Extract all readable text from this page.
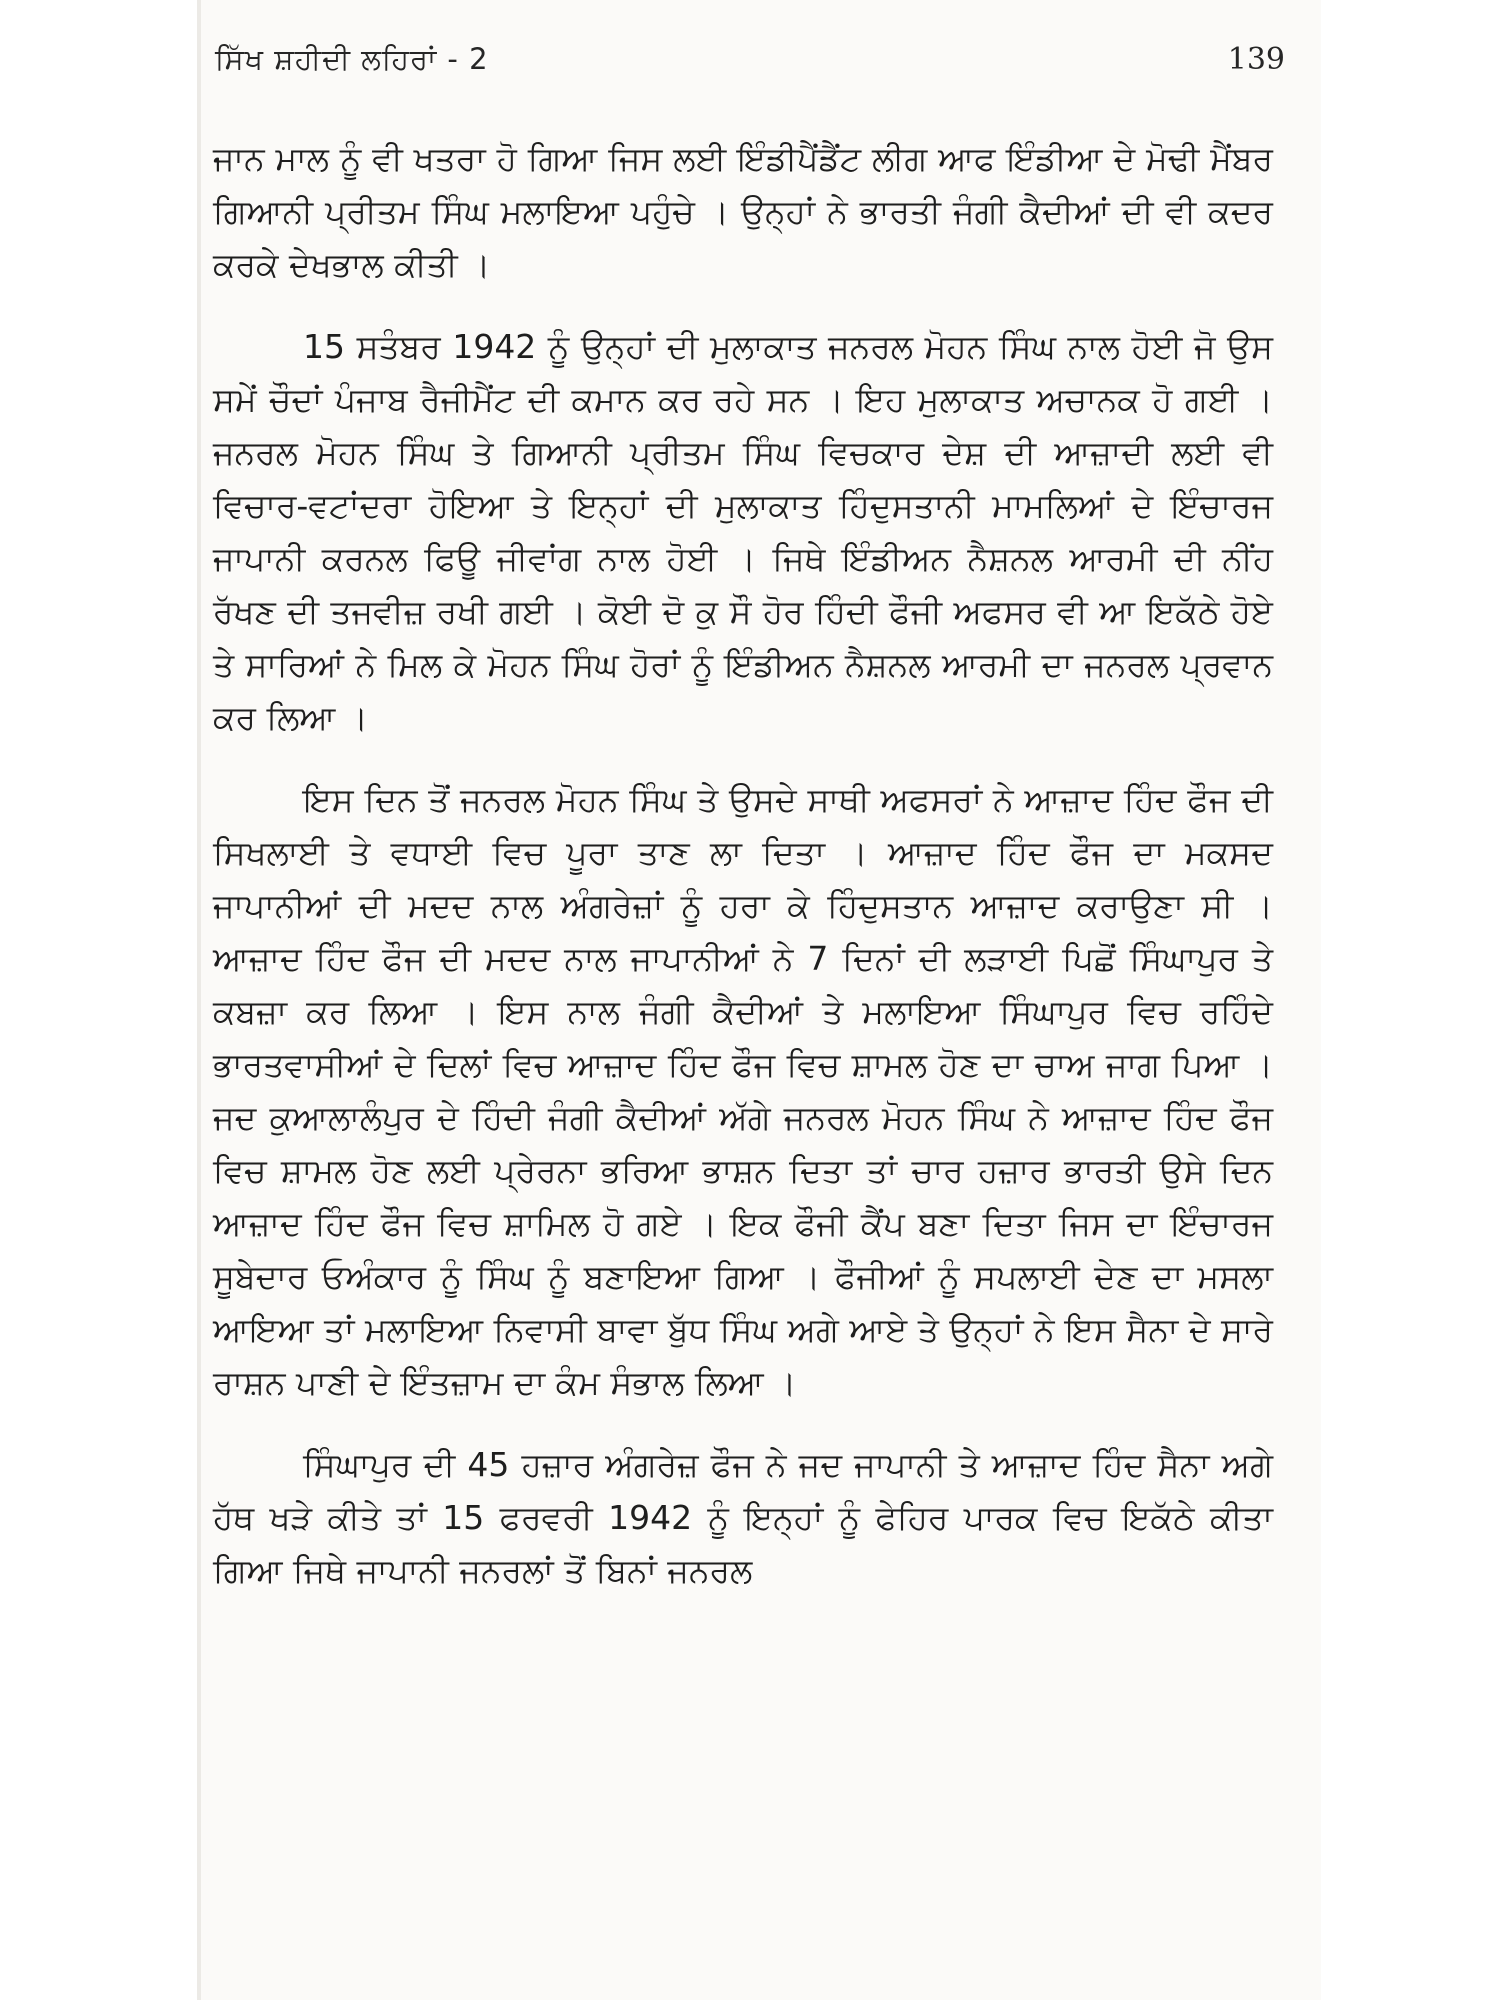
ਸਿੱਖ ਸ਼ਹੀਦੀ ਲਹਿਰਾਂ - 2	139

ਜਾਨ ਮਾਲ ਨੂੰ ਵੀ ਖਤਰਾ ਹੋ ਗਿਆ ਜਿਸ ਲਈ ਇੰਡੀਪੈਂਡੈਂਟ ਲੀਗ ਆਫ ਇੰਡੀਆ ਦੇ ਮੋਢੀ ਮੈਂਬਰ ਗਿਆਨੀ ਪ੍ਰੀਤਮ ਸਿੰਘ ਮਲਾਇਆ ਪਹੁੰਚੇ । ਉਨ੍ਹਾਂ ਨੇ ਭਾਰਤੀ ਜੰਗੀ ਕੈਦੀਆਂ ਦੀ ਵੀ ਕਦਰ ਕਰਕੇ ਦੇਖਭਾਲ ਕੀਤੀ ।

15 ਸਤੰਬਰ 1942 ਨੂੰ ਉਨ੍ਹਾਂ ਦੀ ਮੁਲਾਕਾਤ ਜਨਰਲ ਮੋਹਨ ਸਿੰਘ ਨਾਲ ਹੋਈ ਜੋ ਉਸ ਸਮੇਂ ਚੌਦਾਂ ਪੰਜਾਬ ਰੈਜੀਮੈਂਟ ਦੀ ਕਮਾਨ ਕਰ ਰਹੇ ਸਨ । ਇਹ ਮੁਲਾਕਾਤ ਅਚਾਨਕ ਹੋ ਗਈ । ਜਨਰਲ ਮੋਹਨ ਸਿੰਘ ਤੇ ਗਿਆਨੀ ਪ੍ਰੀਤਮ ਸਿੰਘ ਵਿਚਕਾਰ ਦੇਸ਼ ਦੀ ਆਜ਼ਾਦੀ ਲਈ ਵੀ ਵਿਚਾਰ-ਵਟਾਂਦਰਾ ਹੋਇਆ ਤੇ ਇਨ੍ਹਾਂ ਦੀ ਮੁਲਾਕਾਤ ਹਿੰਦੁਸਤਾਨੀ ਮਾਮਲਿਆਂ ਦੇ ਇੰਚਾਰਜ ਜਾਪਾਨੀ ਕਰਨਲ ਫਿਊ ਜੀਵਾਂਗ ਨਾਲ ਹੋਈ । ਜਿਥੇ ਇੰਡੀਅਨ ਨੈਸ਼ਨਲ ਆਰਮੀ ਦੀ ਨੀਂਹ ਰੱਖਣ ਦੀ ਤਜਵੀਜ਼ ਰਖੀ ਗਈ । ਕੋਈ ਦੋ ਕੁ ਸੌ ਹੋਰ ਹਿੰਦੀ ਫੌਜੀ ਅਫਸਰ ਵੀ ਆ ਇਕੱਠੇ ਹੋਏ ਤੇ ਸਾਰਿਆਂ ਨੇ ਮਿਲ ਕੇ ਮੋਹਨ ਸਿੰਘ ਹੋਰਾਂ ਨੂੰ ਇੰਡੀਅਨ ਨੈਸ਼ਨਲ ਆਰਮੀ ਦਾ ਜਨਰਲ ਪ੍ਰਵਾਨ ਕਰ ਲਿਆ ।

ਇਸ ਦਿਨ ਤੋਂ ਜਨਰਲ ਮੋਹਨ ਸਿੰਘ ਤੇ ਉਸਦੇ ਸਾਥੀ ਅਫਸਰਾਂ ਨੇ ਆਜ਼ਾਦ ਹਿੰਦ ਫੌਜ ਦੀ ਸਿਖਲਾਈ ਤੇ ਵਧਾਈ ਵਿਚ ਪੂਰਾ ਤਾਣ ਲਾ ਦਿਤਾ । ਆਜ਼ਾਦ ਹਿੰਦ ਫੌਜ ਦਾ ਮਕਸਦ ਜਾਪਾਨੀਆਂ ਦੀ ਮਦਦ ਨਾਲ ਅੰਗਰੇਜ਼ਾਂ ਨੂੰ ਹਰਾ ਕੇ ਹਿੰਦੁਸਤਾਨ ਆਜ਼ਾਦ ਕਰਾਉਣਾ ਸੀ । ਆਜ਼ਾਦ ਹਿੰਦ ਫੌਜ ਦੀ ਮਦਦ ਨਾਲ ਜਾਪਾਨੀਆਂ ਨੇ 7 ਦਿਨਾਂ ਦੀ ਲੜਾਈ ਪਿਛੋਂ ਸਿੰਘਾਪੁਰ ਤੇ ਕਬਜ਼ਾ ਕਰ ਲਿਆ । ਇਸ ਨਾਲ ਜੰਗੀ ਕੈਦੀਆਂ ਤੇ ਮਲਾਇਆ ਸਿੰਘਾਪੁਰ ਵਿਚ ਰਹਿੰਦੇ ਭਾਰਤਵਾਸੀਆਂ ਦੇ ਦਿਲਾਂ ਵਿਚ ਆਜ਼ਾਦ ਹਿੰਦ ਫੌਜ ਵਿਚ ਸ਼ਾਮਲ ਹੋਣ ਦਾ ਚਾਅ ਜਾਗ ਪਿਆ । ਜਦ ਕੁਆਲਾਲੰਪੁਰ ਦੇ ਹਿੰਦੀ ਜੰਗੀ ਕੈਦੀਆਂ ਅੱਗੇ ਜਨਰਲ ਮੋਹਨ ਸਿੰਘ ਨੇ ਆਜ਼ਾਦ ਹਿੰਦ ਫੌਜ ਵਿਚ ਸ਼ਾਮਲ ਹੋਣ ਲਈ ਪ੍ਰੇਰਨਾ ਭਰਿਆ ਭਾਸ਼ਨ ਦਿਤਾ ਤਾਂ ਚਾਰ ਹਜ਼ਾਰ ਭਾਰਤੀ ਉਸੇ ਦਿਨ ਆਜ਼ਾਦ ਹਿੰਦ ਫੌਜ ਵਿਚ ਸ਼ਾਮਿਲ ਹੋ ਗਏ । ਇਕ ਫੌਜੀ ਕੈਂਪ ਬਣਾ ਦਿਤਾ ਜਿਸ ਦਾ ਇੰਚਾਰਜ ਸੂਬੇਦਾਰ ਓਅੰਕਾਰ ਨੂੰ ਸਿੰਘ ਨੂੰ ਬਣਾਇਆ ਗਿਆ । ਫੌਜੀਆਂ ਨੂੰ ਸਪਲਾਈ ਦੇਣ ਦਾ ਮਸਲਾ ਆਇਆ ਤਾਂ ਮਲਾਇਆ ਨਿਵਾਸੀ ਬਾਵਾ ਬੁੱਧ ਸਿੰਘ ਅਗੇ ਆਏ ਤੇ ਉਨ੍ਹਾਂ ਨੇ ਇਸ ਸੈਨਾ ਦੇ ਸਾਰੇ ਰਾਸ਼ਨ ਪਾਣੀ ਦੇ ਇੰਤਜ਼ਾਮ ਦਾ ਕੰਮ ਸੰਭਾਲ ਲਿਆ ।

ਸਿੰਘਾਪੁਰ ਦੀ 45 ਹਜ਼ਾਰ ਅੰਗਰੇਜ਼ ਫੌਜ ਨੇ ਜਦ ਜਾਪਾਨੀ ਤੇ ਆਜ਼ਾਦ ਹਿੰਦ ਸੈਨਾ ਅਗੇ ਹੱਥ ਖੜੇ ਕੀਤੇ ਤਾਂ 15 ਫਰਵਰੀ 1942 ਨੂੰ ਇਨ੍ਹਾਂ ਨੂੰ ਫੇਹਿਰ ਪਾਰਕ ਵਿਚ ਇਕੱਠੇ ਕੀਤਾ ਗਿਆ ਜਿਥੇ ਜਾਪਾਨੀ ਜਨਰਲਾਂ ਤੋਂ ਬਿਨਾਂ ਜਨਰਲ
